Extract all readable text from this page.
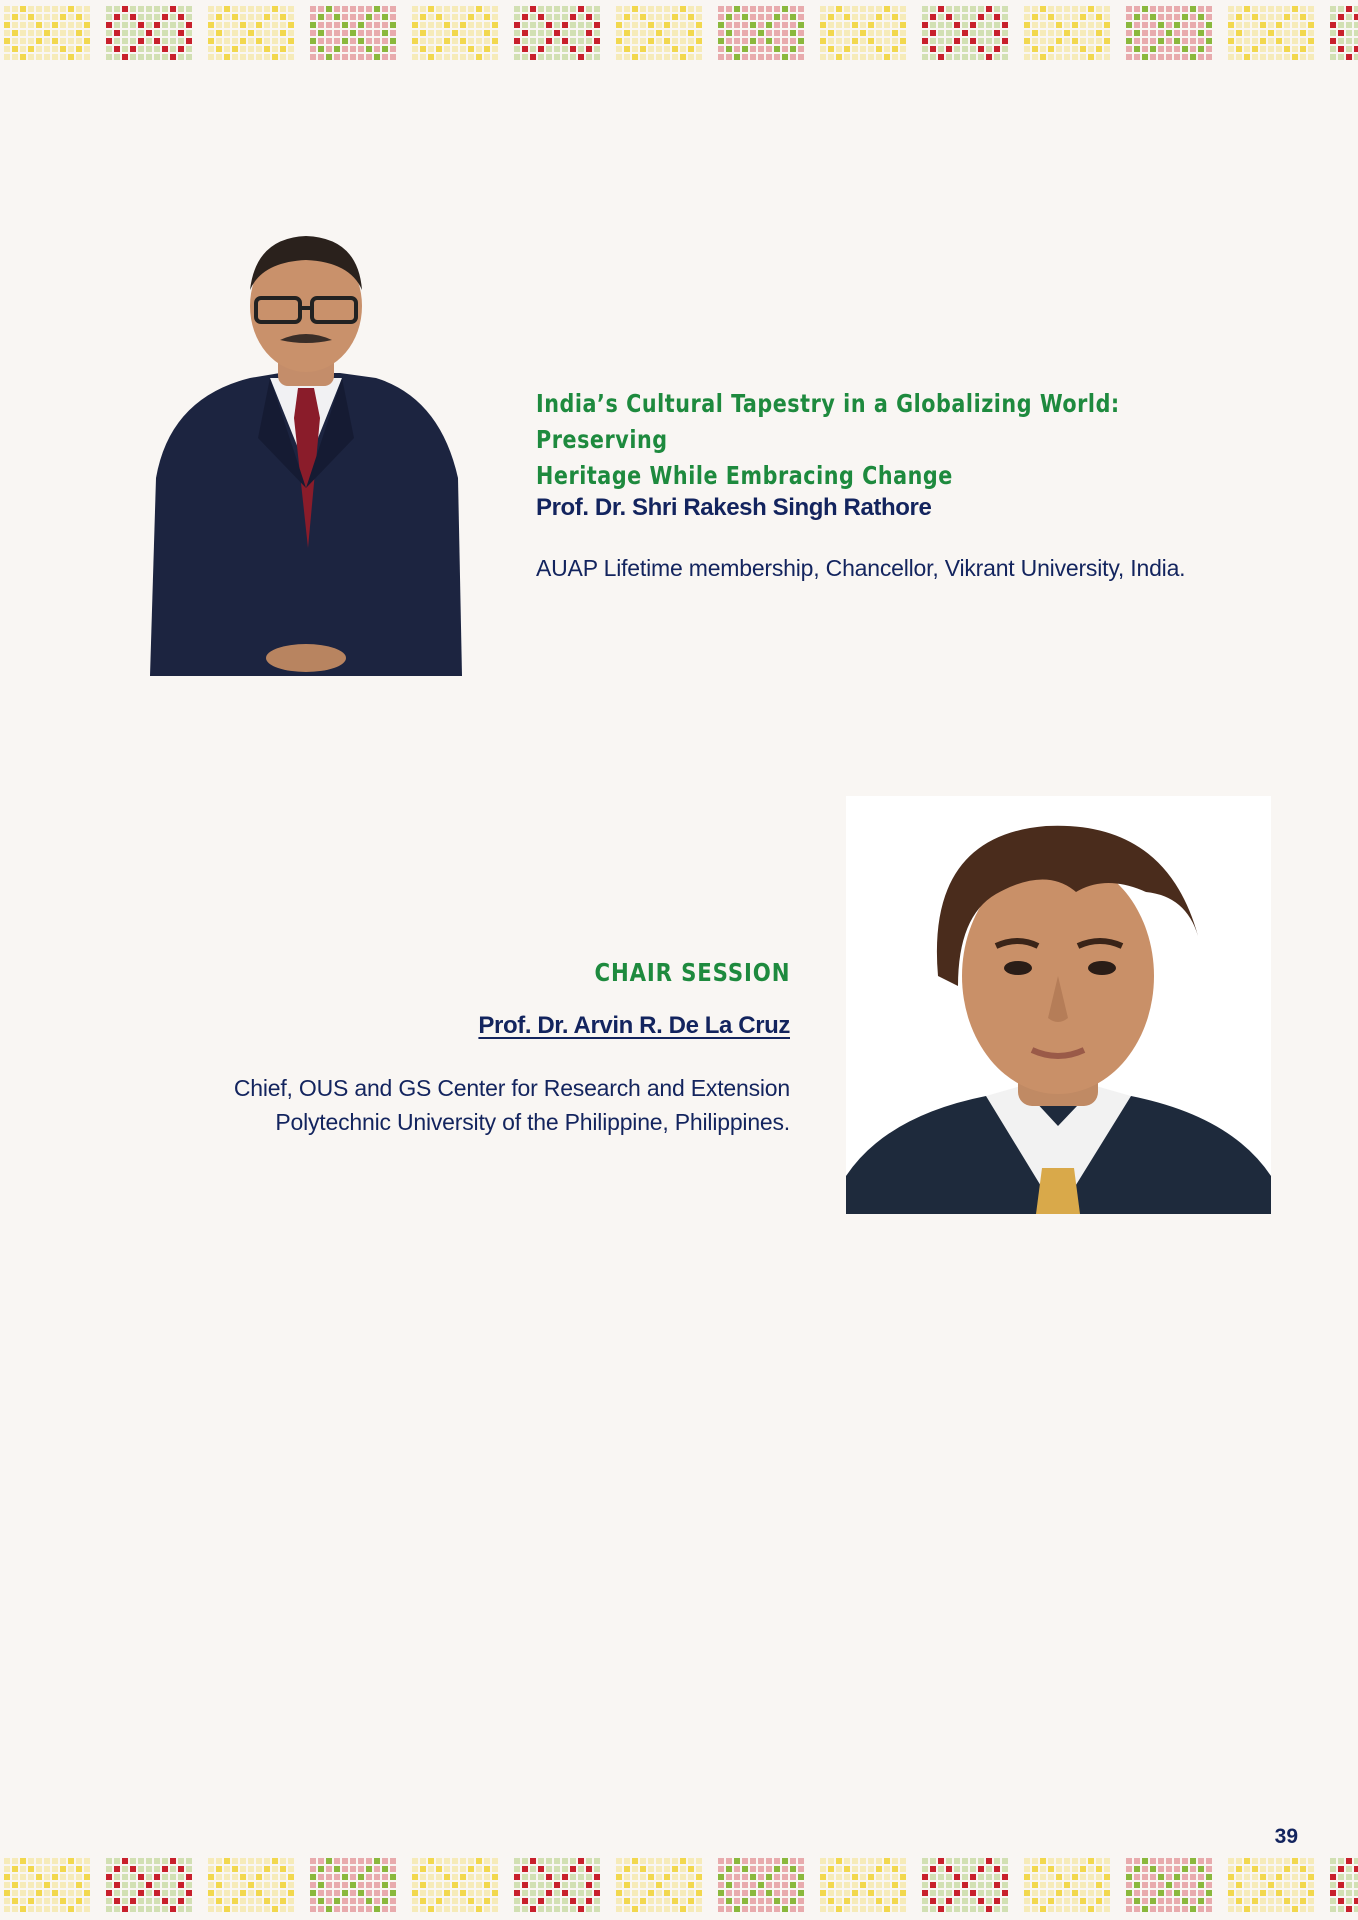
India’s Cultural Tapestry in a Globalizing World: Preserving
Heritage While Embracing Change
Prof. Dr. Shri Rakesh Singh Rathore
AUAP Lifetime membership, Chancellor, Vikrant University, India.
CHAIR SESSION
Prof. Dr. Arvin R. De La Cruz
Chief, OUS and GS Center for Research and Extension
Polytechnic University of the Philippine, Philippines.
39
